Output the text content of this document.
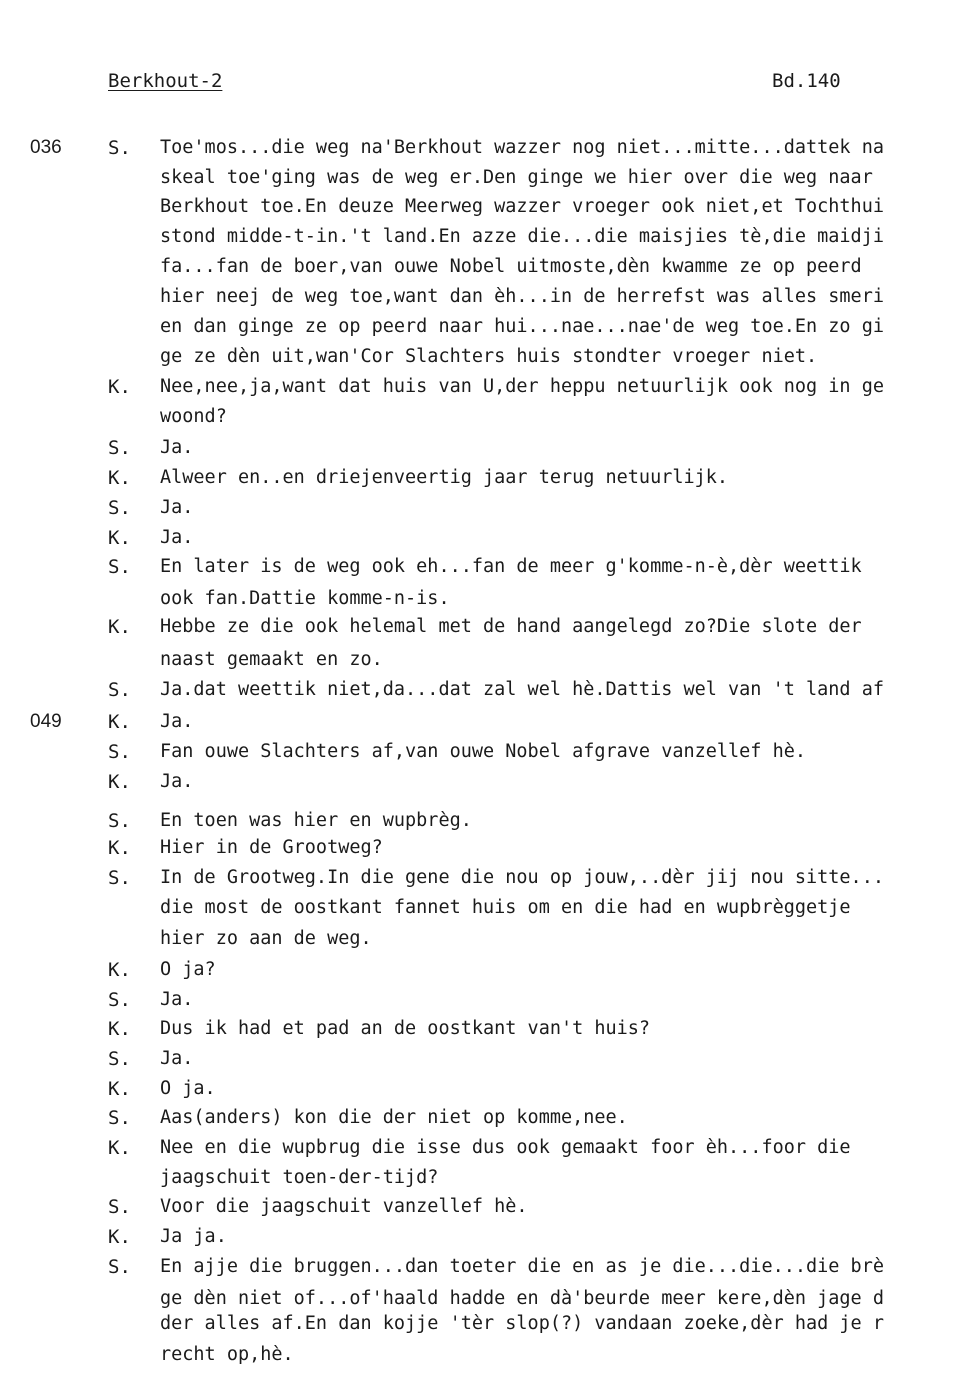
Berkhout-2	Bd.140
036 S. Toe'mos...die weg na'Berkhout wazzer nog niet...mitte...dattek na
skeal toe'ging was de weg er.Den ginge we hier over die weg naar
Berkhout toe.En deuze Meerweg wazzer vroeger ook niet,et Tochthui
stond midde-t-in.'t land.En azze die...die maisjies tè,die maidji
fa...fan de boer,van ouwe Nobel uitmoste,dèn kwamme ze op peerd
hier neej de weg toe,want dan èh...in de herrefst was alles smeri
en dan ginge ze op peerd naar hui...nae...nae'de weg toe.En zo gi
ge ze dèn uit,wan'Cor Slachters huis stondter vroeger niet.
K. Nee,nee,ja,want dat huis van U,der heppu netuurlijk ook nog in ge
woond?
S. Ja.
K. Alweer en..en driejenveertig jaar terug netuurlijk.
S. Ja.
K. Ja.
S. En later is de weg ook eh...fan de meer g'komme-n-è,dèr weettik
ook fan.Dattie komme-n-is.
K. Hebbe ze die ook helemal met de hand aangelegd zo?Die slote der
naast gemaakt en zo.
S. Ja.dat weettik niet,da...dat zal wel hè.Dattis wel van 't land af
049 K. Ja.
S. Fan ouwe Slachters af,van ouwe Nobel afgrave vanzellef hè.
K. Ja.
S. En toen was hier en wupbrèg.
K. Hier in de Grootweg?
S. In de Grootweg.In die gene die nou op jouw,..dèr jij nou sitte...
die most de oostkant fannet huis om en die had en wupbrèggetje
hier zo aan de weg.
K. O ja?
S. Ja.
K. Dus ik had et pad an de oostkant van't huis?
S. Ja.
K. O ja.
S. Aas(anders) kon die der niet op komme,nee.
K. Nee en die wupbrug die isse dus ook gemaakt foor èh...foor die
jaagschuit toen-der-tijd?
S. Voor die jaagschuit vanzellef hè.
K. Ja ja.
S. En ajje die bruggen...dan toeter die en as je die...die...die brè
ge dèn niet of...of'haald hadde en dà'beurde meer kere,dèn jage d
der alles af.En dan kojje 'tèr slop(?) vandaan zoeke,dèr had je r
recht op,hè.
